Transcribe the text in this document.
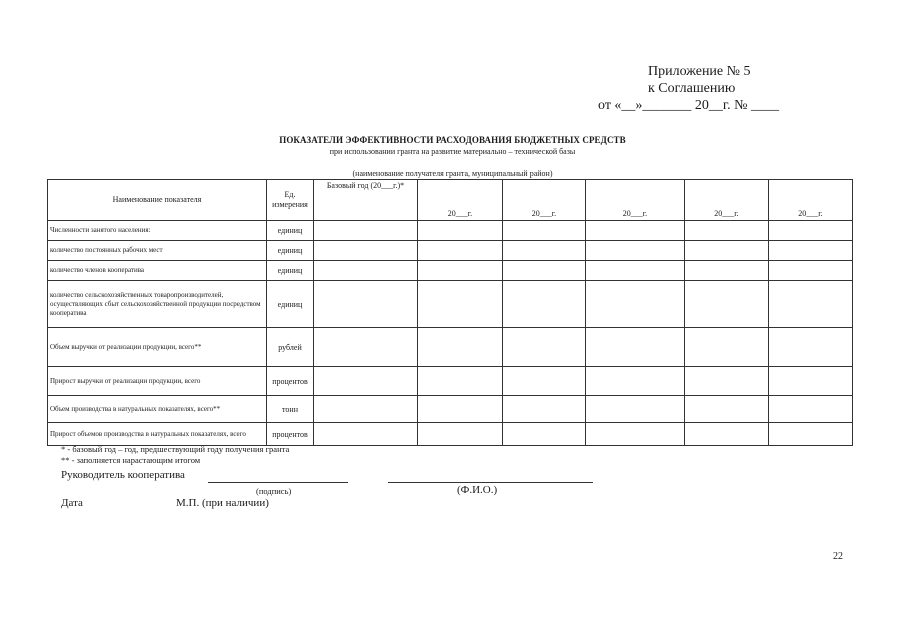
Приложение № 5
к Соглашению
от «__»_______ 20__г. № ____
ПОКАЗАТЕЛИ ЭФФЕКТИВНОСТИ РАСХОДОВАНИЯ БЮДЖЕТНЫХ СРЕДСТВ
при использовании гранта на развитие материально – технической базы
(наименование получателя гранта, муниципальный район)
Наименование показателя	Ед. измерения	Базовый год (20___г.)*	20___г.	20___г.	20___г.	20___г.	20___г.
Численности занятого населения:	единиц						
количество постоянных рабочих мест	единиц						
количество членов кооператива	единиц						
количество сельскохозяйственных товаропроизводителей, осуществляющих сбыт сельскохозяйственной продукции посредством кооператива	единиц						
Объем выручки от реализации продукции, всего**	рублей						
Прирост выручки от реализации продукции, всего	процентов						
Объем производства в натуральных показателях, всего**	тонн						
Прирост объемов производства в натуральных показателях, всего	процентов						
* - базовый год – год, предшествующий году получения гранта
** - заполняется нарастающим итогом
Руководитель кооператива
(подпись)	(Ф.И.О.)
Дата	М.П. (при наличии)
22
